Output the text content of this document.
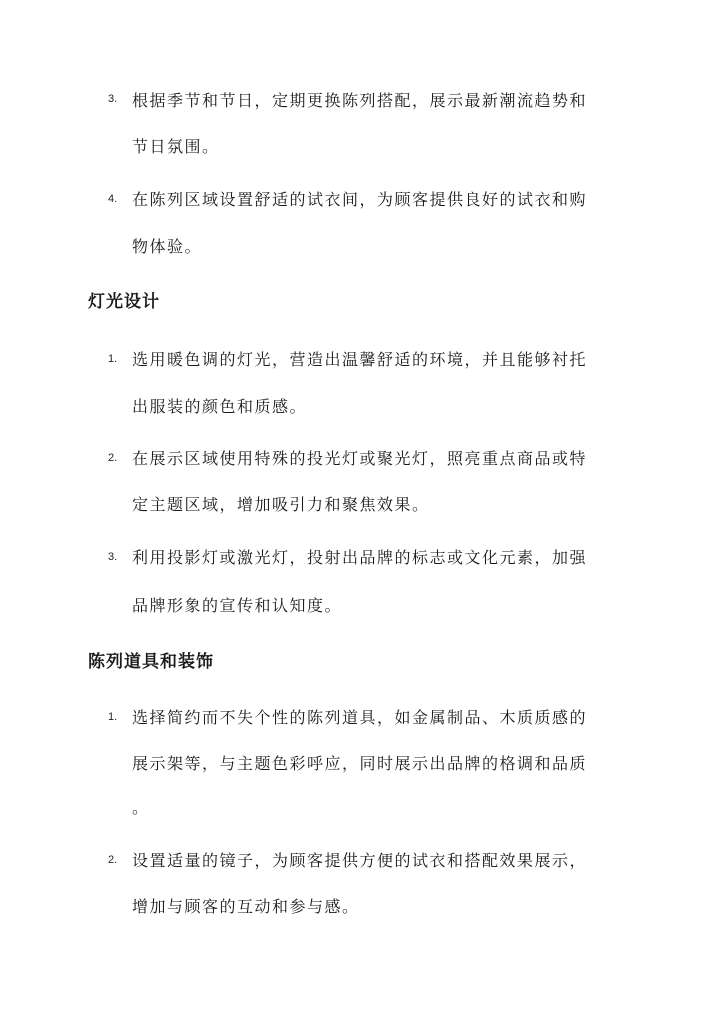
3. 根据季节和节日，定期更换陈列搭配，展示最新潮流趋势和
节日氛围。
4. 在陈列区域设置舒适的试衣间，为顾客提供良好的试衣和购
物体验。
灯光设计
1. 选用暖色调的灯光，营造出温馨舒适的环境，并且能够衬托
出服装的颜色和质感。
2. 在展示区域使用特殊的投光灯或聚光灯，照亮重点商品或特
定主题区域，增加吸引力和聚焦效果。
3. 利用投影灯或激光灯，投射出品牌的标志或文化元素，加强
品牌形象的宣传和认知度。
陈列道具和装饰
1. 选择简约而不失个性的陈列道具，如金属制品、木质质感的
展示架等，与主题色彩呼应，同时展示出品牌的格调和品质
。
2. 设置适量的镜子，为顾客提供方便的试衣和搭配效果展示，
增加与顾客的互动和参与感。
